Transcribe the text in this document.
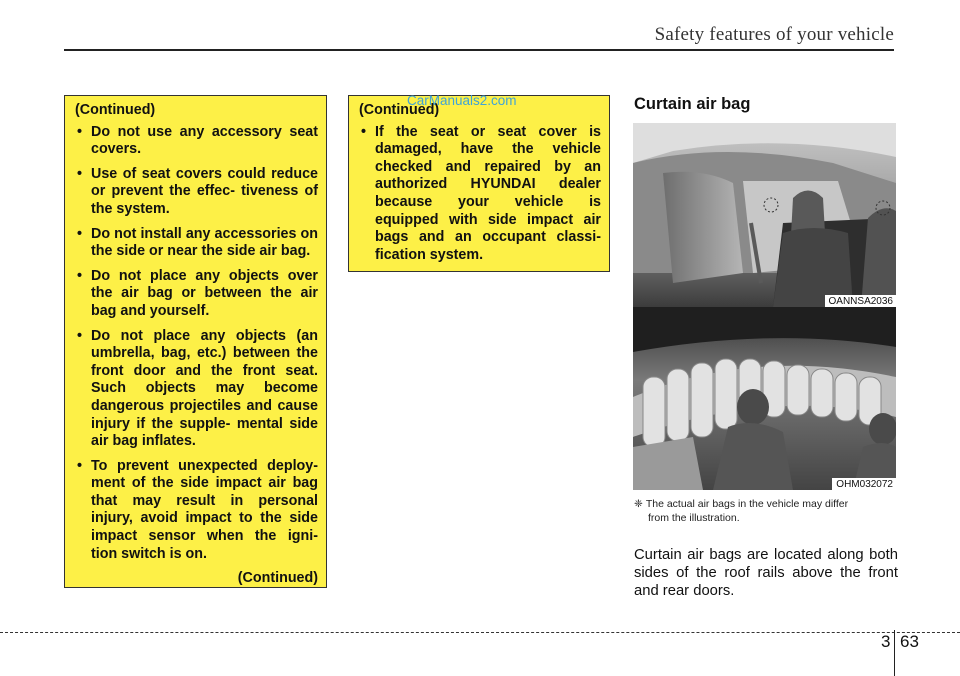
Safety features of your vehicle
(Continued)
• Do not use any accessory seat covers.
• Use of seat covers could reduce or prevent the effec- tiveness of the system.
• Do not install any accessories on the side or near the side air bag.
• Do not place any objects over the air bag or between the air bag and yourself.
• Do not place any objects (an umbrella, bag, etc.) between the front door and the front seat. Such objects may become dangerous projectiles and cause injury if the supple- mental side air bag inflates.
• To prevent unexpected deploy- ment of the side impact air bag that may result in personal injury, avoid impact to the side impact sensor when the igni- tion switch is on.
(Continued)
(Continued)
• If the seat or seat cover is damaged, have the vehicle checked and repaired by an authorized HYUNDAI dealer because your vehicle is equipped with side impact air bags and an occupant classi- fication system.
CarManuals2.com	Curtain air bag
OANNSA2036
OHM032072
❈ The actual air bags in the vehicle may differ
from the illustration.
Curtain air bags are located along both sides of the roof rails above the front and rear doors.
3 63
